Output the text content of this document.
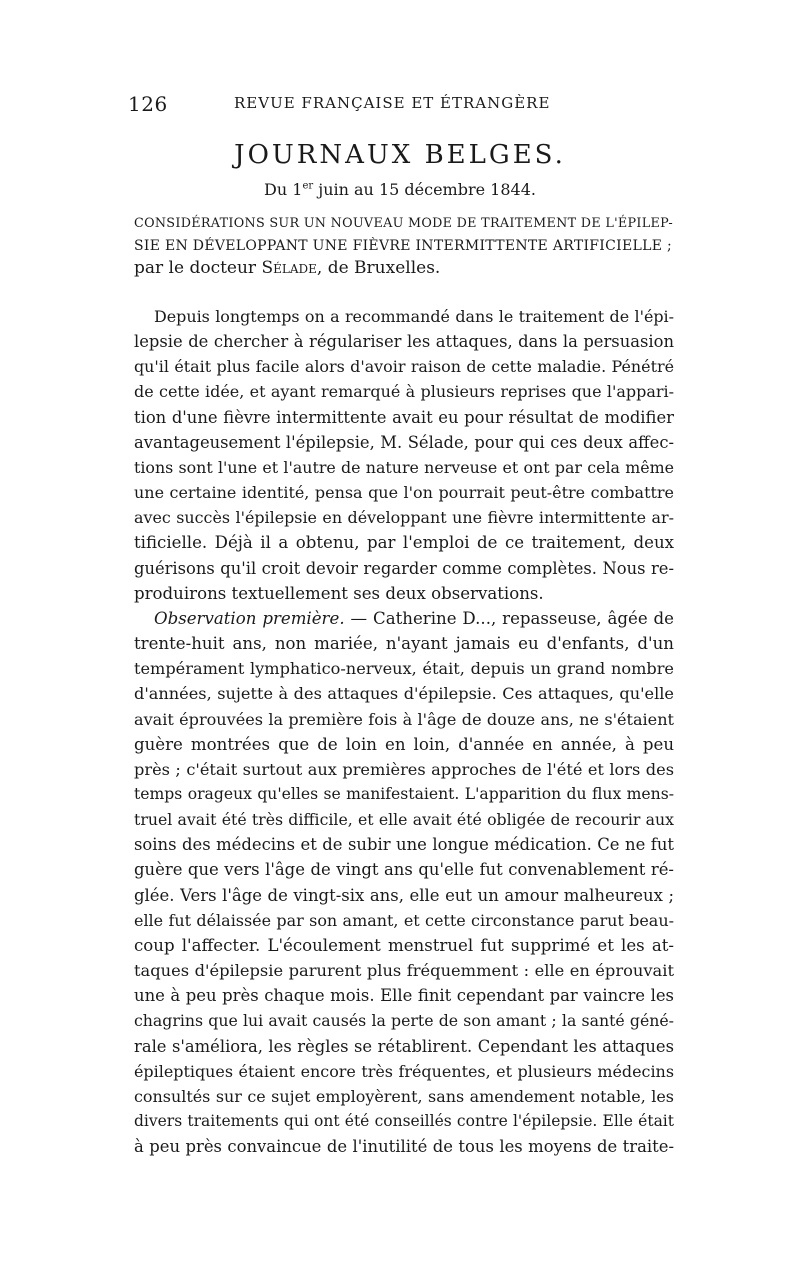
126	REVUE FRANÇAISE ET ÉTRANGÈRE
JOURNAUX BELGES.
Du 1er juin au 15 décembre 1844.
CONSIDÉRATIONS SUR UN NOUVEAU MODE DE TRAITEMENT DE L'ÉPILEP-
SIE EN DÉVELOPPANT UNE FIÈVRE INTERMITTENTE ARTIFICIELLE ;
par le docteur Sélade, de Bruxelles.
Depuis longtemps on a recommandé dans le traitement de l'épi-
lepsie de chercher à régulariser les attaques, dans la persuasion
qu'il était plus facile alors d'avoir raison de cette maladie. Pénétré
de cette idée, et ayant remarqué à plusieurs reprises que l'appari-
tion d'une fièvre intermittente avait eu pour résultat de modifier
avantageusement l'épilepsie, M. Sélade, pour qui ces deux affec-
tions sont l'une et l'autre de nature nerveuse et ont par cela même
une certaine identité, pensa que l'on pourrait peut-être combattre
avec succès l'épilepsie en développant une fièvre intermittente ar-
tificielle. Déjà il a obtenu, par l'emploi de ce traitement, deux
guérisons qu'il croit devoir regarder comme complètes. Nous re-
produirons textuellement ses deux observations.
Observation première. — Catherine D..., repasseuse, âgée de
trente-huit ans, non mariée, n'ayant jamais eu d'enfants, d'un
tempérament lymphatico-nerveux, était, depuis un grand nombre
d'années, sujette à des attaques d'épilepsie. Ces attaques, qu'elle
avait éprouvées la première fois à l'âge de douze ans, ne s'étaient
guère montrées que de loin en loin, d'année en année, à peu
près ; c'était surtout aux premières approches de l'été et lors des
temps orageux qu'elles se manifestaient. L'apparition du flux mens-
truel avait été très difficile, et elle avait été obligée de recourir aux
soins des médecins et de subir une longue médication. Ce ne fut
guère que vers l'âge de vingt ans qu'elle fut convenablement ré-
glée. Vers l'âge de vingt-six ans, elle eut un amour malheureux ;
elle fut délaissée par son amant, et cette circonstance parut beau-
coup l'affecter. L'écoulement menstruel fut supprimé et les at-
taques d'épilepsie parurent plus fréquemment : elle en éprouvait
une à peu près chaque mois. Elle finit cependant par vaincre les
chagrins que lui avait causés la perte de son amant ; la santé géné-
rale s'améliora, les règles se rétablirent. Cependant les attaques
épileptiques étaient encore très fréquentes, et plusieurs médecins
consultés sur ce sujet employèrent, sans amendement notable, les
divers traitements qui ont été conseillés contre l'épilepsie. Elle était
à peu près convaincue de l'inutilité de tous les moyens de traite-
